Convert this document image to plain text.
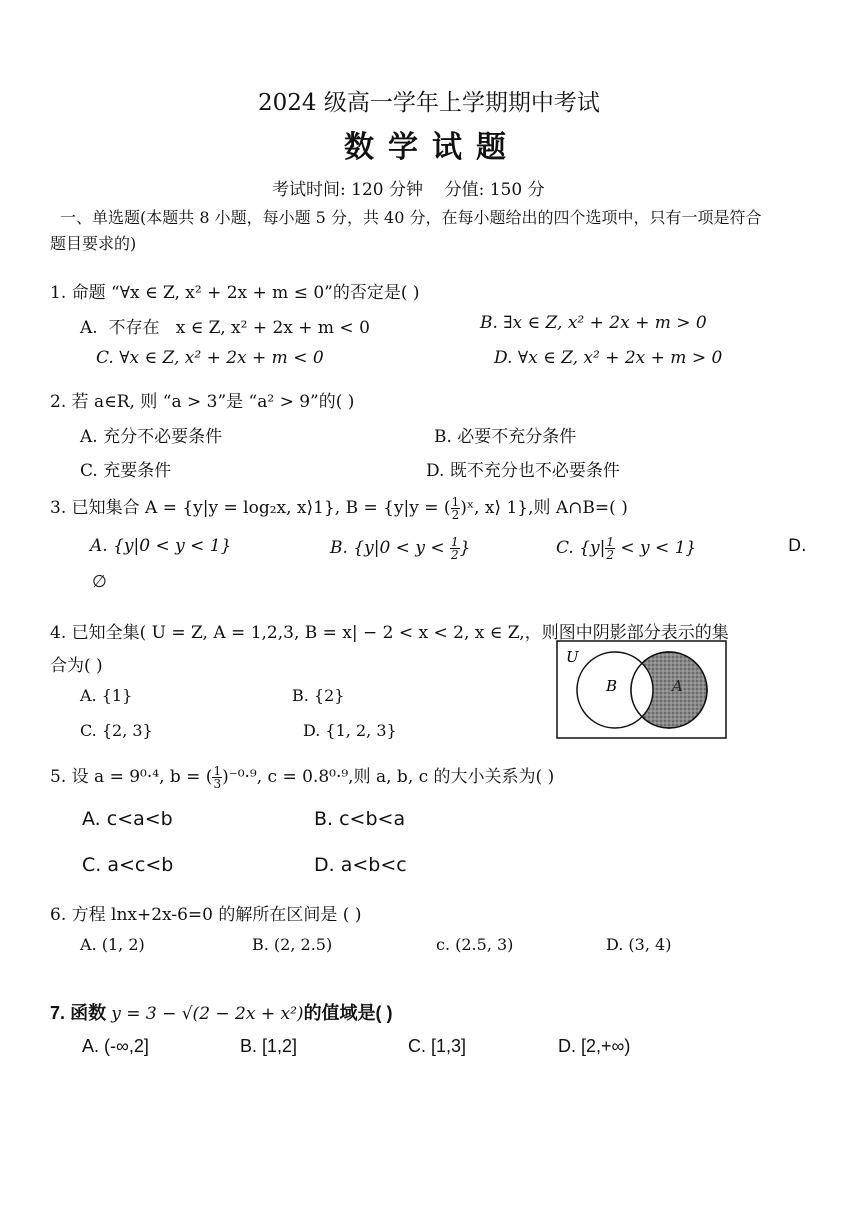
2024 级高一学年上学期期中考试
数学试题
考试时间: 120 分钟    分值: 150 分
一、单选题(本题共 8 小题，每小题 5 分，共 40 分，在每小题给出的四个选项中，只有一项是符合
题目要求的)
1. 命题 “∀x ∈ Z, x² + 2x + m ≤ 0”的否定是( )
A.  不存在   x ∈ Z, x² + 2x + m < 0	B. ∃x ∈ Z, x² + 2x + m > 0
C. ∀x ∈ Z, x² + 2x + m < 0	D. ∀x ∈ Z, x² + 2x + m > 0
2. 若 a∈R, 则 “a > 3”是 “a² > 9”的( )
A. 充分不必要条件	B. 必要不充分条件
C. 充要条件	D. 既不充分也不必要条件
3. 已知集合 A = {y|y = log₂x, x⟩1}, B = {y|y = ( $\frac{1}{2}$ )ˣ, x⟩ 1},则 A∩B=( )
A. {y|0 < y < 1}	B. {$y|0 < y < \frac{1}{2}$ }	C. $\{y| \frac{1}{2} < y < 1\}$	D.
∅
4. 已知全集( U = Z, A = 1,2,3, B = x| − 2 < x < 2, x ∈ Z,，则图中阴影部分表示的集
合为( )
A. {1}	B. {2}
C. {2, 3}	D. {1, 2, 3}
U
B	A
5. 设 a = 9⁰·⁴, b = ( $\frac{1}{3} )^{-0}\cdot^9$, c = 0.8⁰·⁹,则 a, b, c 的大小关系为( )
A. c<a<b	B. c<b<a
C. a<c<b	D. a<b<c
6. 方程 lnx+2x-6=0 的解所在区间是 ( )
A. (1, 2)	B. (2, 2.5)	c. (2.5, 3)	D. (3, 4)
7. 函数 y = 3 − √(2 − 2x + x²)的值域是( )
A. (-∞,2]	B. [1,2]	C. [1,3]	D. [2,+∞)
